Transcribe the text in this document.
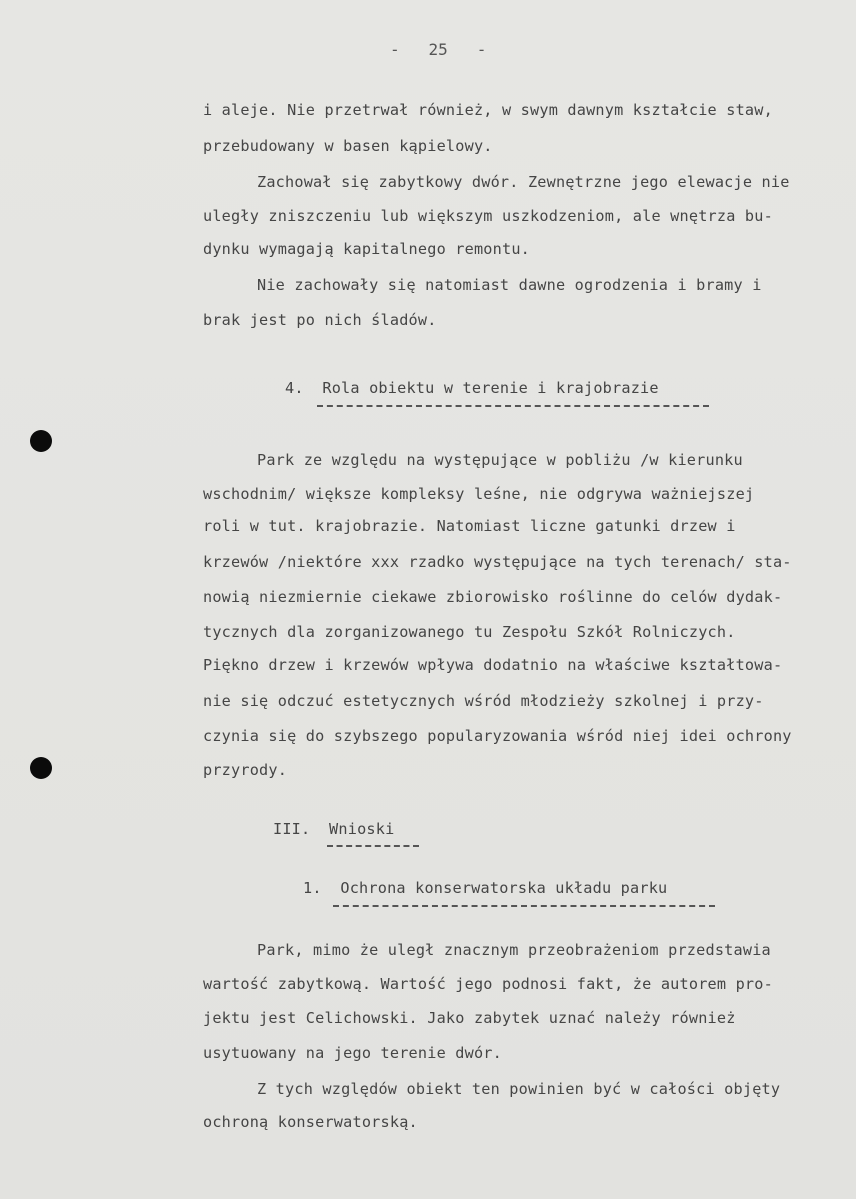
-   25   -
i aleje. Nie przetrwał również, w swym dawnym kształcie staw,
przebudowany w basen kąpielowy.
Zachował się zabytkowy dwór. Zewnętrzne jego elewacje nie
uległy zniszczeniu lub większym uszkodzeniom, ale wnętrza bu-
dynku wymagają kapitalnego remontu.
Nie zachowały się natomiast dawne ogrodzenia i bramy i
brak jest po nich śladów.
4.  Rola obiektu w terenie i krajobrazie
Park ze względu na występujące w pobliżu /w kierunku
wschodnim/ większe kompleksy leśne, nie odgrywa ważniejszej
roli w tut. krajobrazie. Natomiast liczne gatunki drzew i
krzewów /niektóre xxx rzadko występujące na tych terenach/ sta-
nowią niezmiernie ciekawe zbiorowisko roślinne do celów dydak-
tycznych dla zorganizowanego tu Zespołu Szkół Rolniczych.
Piękno drzew i krzewów wpływa dodatnio na właściwe kształtowa-
nie się odczuć estetycznych wśród młodzieży szkolnej i przy-
czynia się do szybszego popularyzowania wśród niej idei ochrony
przyrody.
III.  Wnioski
1.  Ochrona konserwatorska układu parku
Park, mimo że uległ znacznym przeobrażeniom przedstawia
wartość zabytkową. Wartość jego podnosi fakt, że autorem pro-
jektu jest Celichowski. Jako zabytek uznać należy również
usytuowany na jego terenie dwór.
Z tych względów obiekt ten powinien być w całości objęty
ochroną konserwatorską.
